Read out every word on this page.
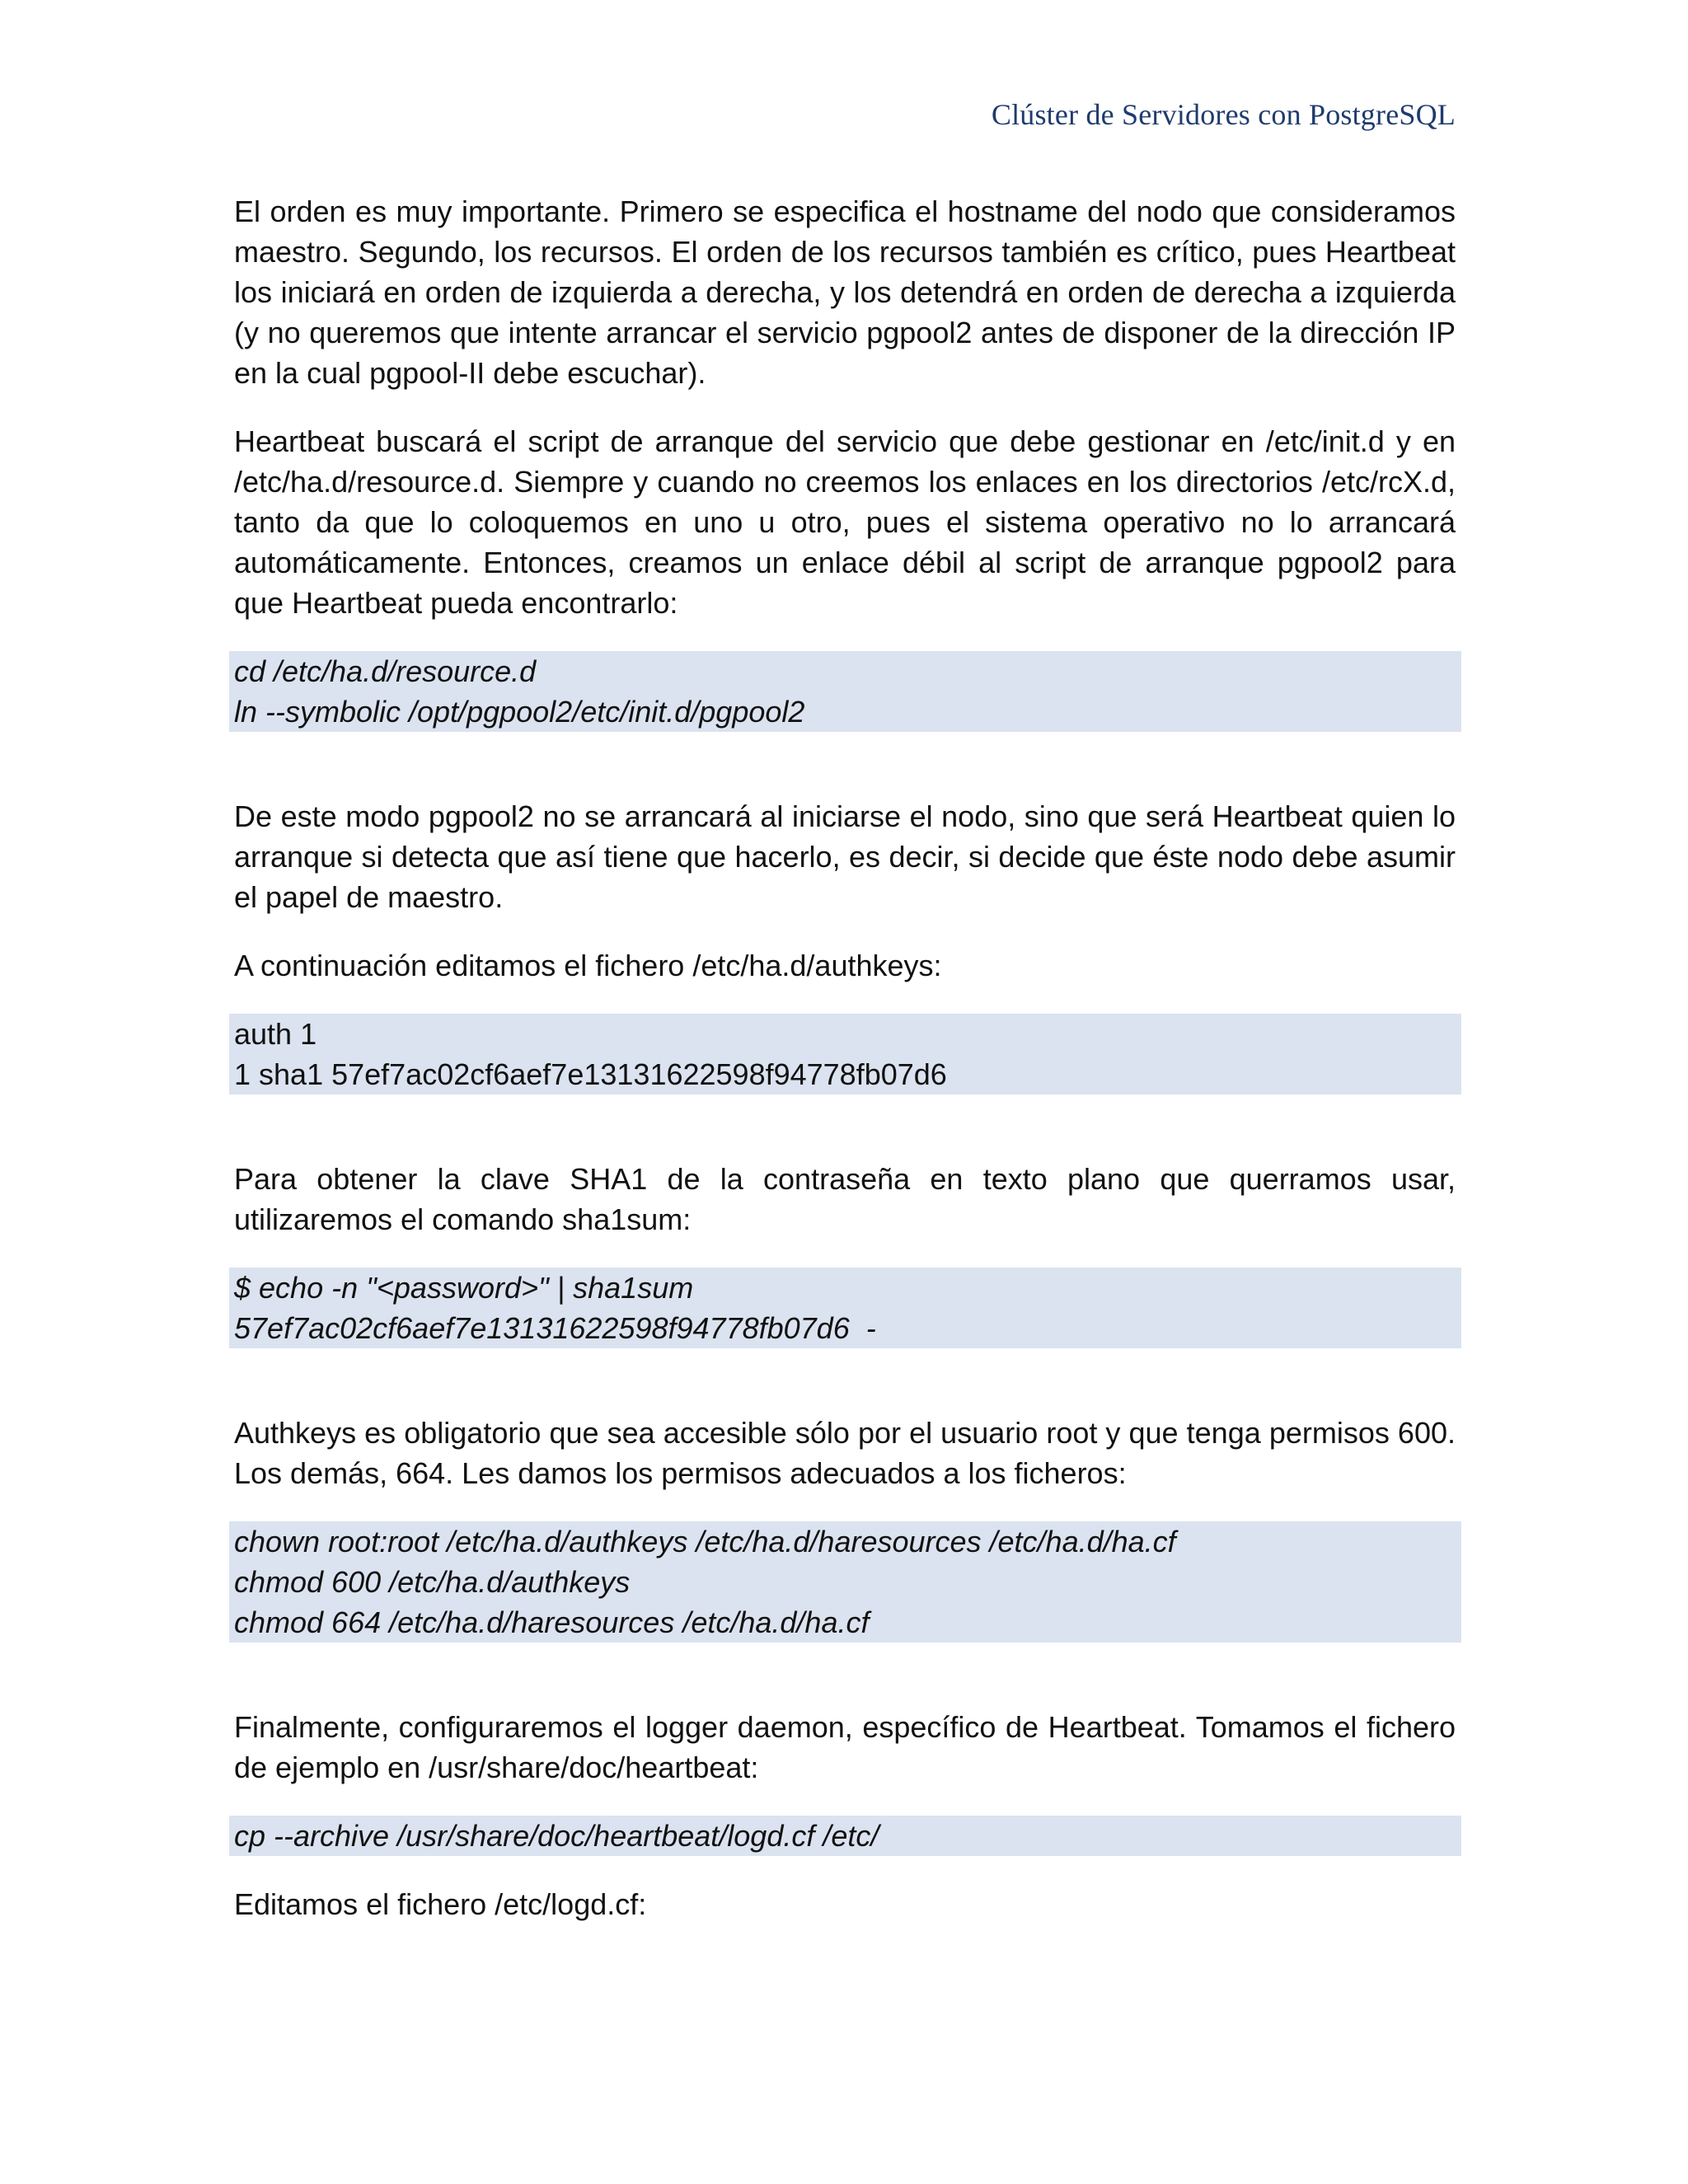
Clúster de Servidores con PostgreSQL

El orden es muy importante. Primero se especifica el hostname del nodo que consideramos maestro. Segundo, los recursos. El orden de los recursos también es crítico, pues Heartbeat los iniciará en orden de izquierda a derecha, y los detendrá en orden de derecha a izquierda (y no queremos que intente arrancar el servicio pgpool2 antes de disponer de la dirección IP en la cual pgpool-II debe escuchar).

Heartbeat buscará el script de arranque del servicio que debe gestionar en /etc/init.d y en /etc/ha.d/resource.d. Siempre y cuando no creemos los enlaces en los directorios /etc/rcX.d, tanto da que lo coloquemos en uno u otro, pues el sistema operativo no lo arrancará automáticamente. Entonces, creamos un enlace débil al script de arranque pgpool2 para que Heartbeat pueda encontrarlo:

cd /etc/ha.d/resource.d
ln --symbolic /opt/pgpool2/etc/init.d/pgpool2

De este modo pgpool2 no se arrancará al iniciarse el nodo, sino que será Heartbeat quien lo arranque si detecta que así tiene que hacerlo, es decir, si decide que éste nodo debe asumir el papel de maestro.

A continuación editamos el fichero /etc/ha.d/authkeys:

auth 1
1 sha1 57ef7ac02cf6aef7e13131622598f94778fb07d6

Para obtener la clave SHA1 de la contraseña en texto plano que querramos usar, utilizaremos el comando sha1sum:

$ echo -n "<password>" | sha1sum
57ef7ac02cf6aef7e13131622598f94778fb07d6  -

Authkeys es obligatorio que sea accesible sólo por el usuario root y que tenga permisos 600. Los demás, 664. Les damos los permisos adecuados a los ficheros:

chown root:root /etc/ha.d/authkeys /etc/ha.d/haresources /etc/ha.d/ha.cf
chmod 600 /etc/ha.d/authkeys
chmod 664 /etc/ha.d/haresources /etc/ha.d/ha.cf

Finalmente, configuraremos el logger daemon, específico de Heartbeat. Tomamos el fichero de ejemplo en /usr/share/doc/heartbeat:

cp --archive /usr/share/doc/heartbeat/logd.cf /etc/

Editamos el fichero /etc/logd.cf:
